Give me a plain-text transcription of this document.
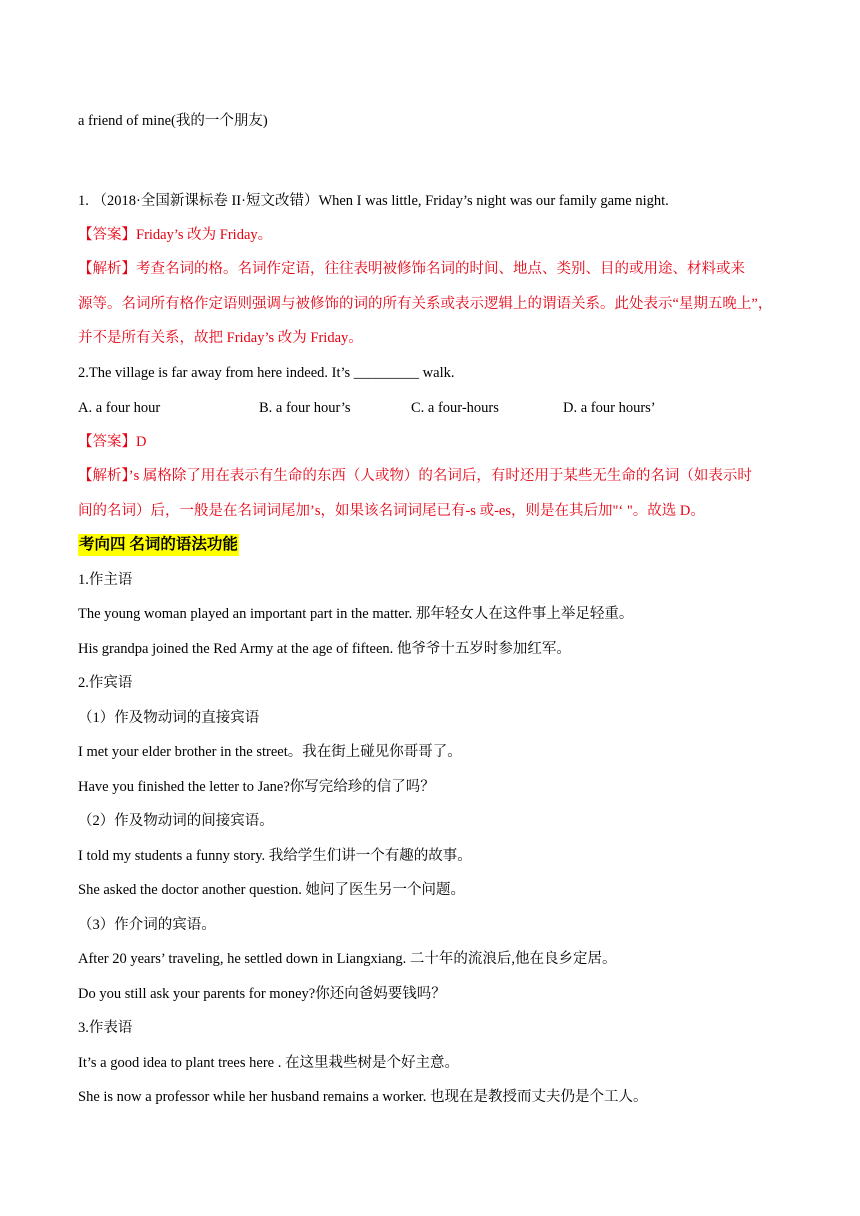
a friend of mine(我的一个朋友)
1. （2018·全国新课标卷 II·短文改错）When I was little, Friday’s night was our family game night.
【答案】Friday’s 改为 Friday。
【解析】考查名词的格。名词作定语，往往表明被修饰名词的时间、地点、类别、目的或用途、材料或来
源等。名词所有格作定语则强调与被修饰的词的所有关系或表示逻辑上的谓语关系。此处表示“星期五晚上”，
并不是所有关系，故把 Friday’s 改为 Friday。
2.The village is far away from here indeed. It’s _________ walk.
A. a four hour	B. a four hour’s	C. a four-hours	D. a four hours’
【答案】D
【解析】’s 属格除了用在表示有生命的东西（人或物）的名词后，有时还用于某些无生命的名词（如表示时
间的名词）后，一般是在名词词尾加’s，如果该名词词尾已有-s 或-es，则是在其后加"‘ "。故选 D。
考向四 名词的语法功能
1.作主语
The young woman played an important part in the matter. 那年轻女人在这件事上举足轻重。
His grandpa joined the Red Army at the age of fifteen. 他爷爷十五岁时参加红军。
2.作宾语
（1）作及物动词的直接宾语
I met your elder brother in the street。我在街上碰见你哥哥了。
Have you finished the letter to Jane?你写完给珍的信了吗？
（2）作及物动词的间接宾语。
I told my students a funny story. 我给学生们讲一个有趣的故事。
She asked the doctor another question. 她问了医生另一个问题。
（3）作介词的宾语。
After 20 years’ traveling, he settled down in Liangxiang. 二十年的流浪后,他在良乡定居。
Do you still ask your parents for money?你还向爸妈要钱吗？
3.作表语
It’s a good idea to plant trees here . 在这里栽些树是个好主意。
She is now a professor while her husband remains a worker. 也现在是教授而丈夫仍是个工人。
